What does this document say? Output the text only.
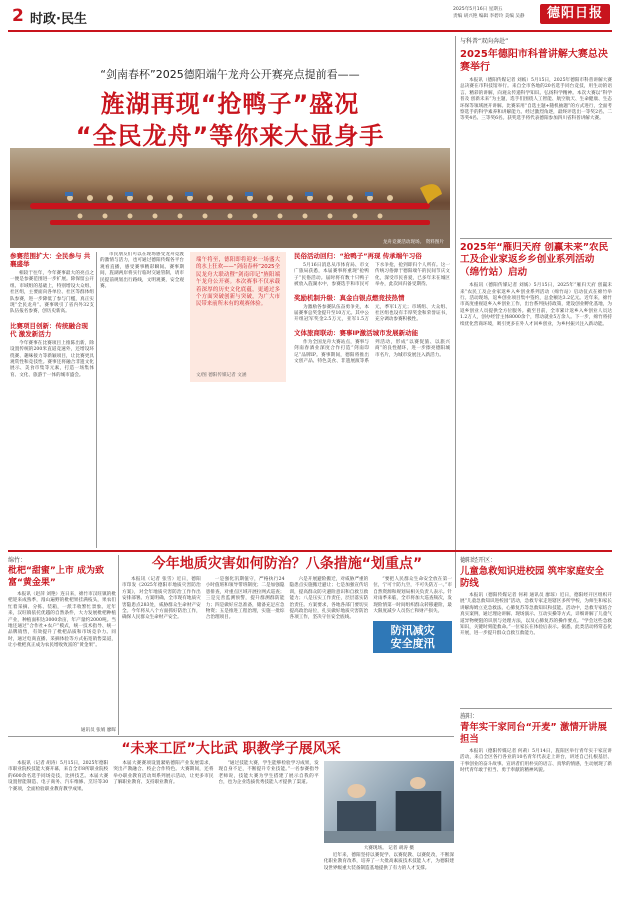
2 时政·民生
2025年5月16日 星期五
责编 胡兴艳 编辑 李碧玲 美编 吴静	德阳日报
“剑南春杯”2025德阳端午龙舟公开赛亮点提前看——
旌湖再现“抢鸭子”盛况
“全民龙舟”等你来大显身手
龙舟竞赛活动现场。 资料图片
参赛范围扩大：全民参与 共襄盛举
相较于往年，今年赛事最大的亮点之一便是参赛范围进一步扩展。除保留公开组、市域组的基础上，特别增设大众组、社区组，主要面向各单位、社区等群体组队参赛，进一步降低了参与门槛，真正实现“全民龙舟”。赛事吸引了省内外32支队伍报名参赛，创历史新高。
比赛项目创新：传统融合现代 激发新活力
今年赛事在比赛项目上推陈出新，除设置传统的200米直道竞速外，还增设环绕赛、趣味接力等新颖项目，让比赛更具观赏性和竞技性。赛事还将融合非遗文化展示、美食市集等元素，打造一场集体育、文化、旅游于一体的城市盛会。
市民朋友们可以在现场感受龙舟竞渡的激情与活力，也可通过德阳传媒各平台观看直播，感受赛事精彩瞬间。赛事期间，旌湖两岸将实行临时交通管制，请市民提前规划出行路线，文明观赛，安全观赛。
端午将至，德阳即将迎来一场盛大的水上狂欢——“剑南春杯”2025全民龙舟大联动暨“剑南印记”旌阳端午龙舟公开赛。本次赛事不仅承载着深厚的历史文化底蕴，更通过多个方面突破创新与突破，为广大市民带来前所未有的观赛体验。
文/图 德阳传媒记者 文涵
民俗活动回归：“抢鸭子”再现 传承端午习俗
5月16日消息从市体育局、市文广旅局获悉，本届赛事将重现“抢鸭子”民俗活动。届时将有数十只鸭子被放入旌湖水中，参赛选手和市民可下水争抢，抢到即归个人所有。这一传统习俗源于德阳端午的民间节庆文化，深受市民喜爱，已多年未在城区举办，此次回归备受期待。
奖励机制升级：真金白银点燃竞技热情
为激励各参赛队伍奋勇争先，本届赛事总奖金提升至10万元。其中公开组冠军奖金2.5万元，亚军1.5万元，季军1万元；市域组、大众组、社区组也设有丰厚奖金和荣誉证书，充分调动参赛积极性。
文体旅商联动：赛事IP激活城市发展新动能
作为全国龙舟大赛站点，赛事与剑南春酒业深度合作打造“剑南印记”品牌IP。赛事期间，德阳将推出文创产品、特色美食、非遗展演等系列活动，形成“以赛促旅、以旅兴商”的良性循环，进一步擦亮德阳城市名片，为城市发展注入新活力。
与科普“双向奔赴”
2025年德阳市科普讲解大赛总决赛举行
本报讯（德阳传媒记者 刘嫣）5月15日，2025年德阳市科普讲解大赛总决赛在市科技馆举行。来自全市各地的20名选手同台竞技，用生动的语言、精彩的讲解，向观众传递科学知识、弘扬科学精神。本次大赛以“科学普及 创新未来”为主题，选手们围绕人工智能、航空航天、生命健康、生态环保等领域展开讲解。比赛采用“自选主题+随机抽题”的方式进行，全面考察选手的科学素养和讲解能力。经过激烈角逐，最终评选出一等奖2名、二等奖4名、三等奖6名。获奖选手将代表德阳参加四川省科普讲解大赛。
2025年“雁归天府 创赢未来”农民工及企业家返乡乡创业系列活动（绵竹站）启动
本报讯（德阳传媒记者 刘嫣）5月15日，2025年“雁归天府 创赢未来”农民工及企业家返乡入乡创业系列活动（绵竹站）启动仪式在绵竹举行。活动现场，返乡创业项目集中签约，总金额达3.2亿元。近年来，绵竹市高度重视返乡入乡创业工作，出台系列扶持政策，建设创业孵化基地，为返乡创业人员提供全方位服务。截至目前，全市累计返乡入乡创业人员达1.2万人，创办经营主体8000余个，带动就业5万余人。下一步，绵竹将持续优化营商环境，吸引更多在外人才回乡创业，为乡村振兴注入新动能。
绵竹：
枇杷“甜蜜”上市 成为致富“黄金果”
本报讯（赵萍 刘艳）连日来，绵竹市汉旺镇的枇杷迎来成熟季，漫山遍野的枇杷果挂满枝头，果农们忙着采摘、分拣、装箱，一派丰收繁忙景象。近年来，汉旺镇依托优越的自然条件，大力发展枇杷种植产业，种植面积达3000余亩，年产量约2000吨。当地还通过“合作社+农户”模式，统一技术指导、统一品牌销售，有效提升了枇杷品质和市场竞争力。同时，通过电商直播、采摘体验等方式拓宽销售渠道，让小枇杷真正成为农民增收致富的“黄金果”。
通讯员 张娟 廖晖
今年地质灾害如何防治？八条措施“划重点”
本报讯（记者 张雪）近日，德阳市印发《2025年德阳市地质灾害防治方案》，对全年地质灾害防治工作作出安排部署。方案明确，全市现有地质灾害隐患点283处，威胁群众生命财产安全。今年将从八个方面抓好防治工作，确保人民群众生命财产安全。
一是强化汛期值守，严格执行24小时值班和领导带班制度；二是加强隐患排查，对重点区域开展拉网式巡查；三是完善监测预警，提升群测群防能力；四是做好应急准备，储备充足应急物资；五是推进工程治理，实施一批综合治理项目。
六是开展避险搬迁，对威胁严重的隐患点实施搬迁避让；七是加强宣传培训，提高群众防灾避险意识和自救互救能力；八是压实工作责任，层层落实防治责任。方案要求，各地各部门要切实提高政治站位，扎实做好地质灾害防治各项工作，坚决守住安全底线。
“要把人民群众生命安全放在第一位，宁可十防九空，不可失防万一。”市自然资源和规划局相关负责人表示。针对雨季来临，全市将加大巡查频次，发现险情第一时间组织群众转移避险，最大限度减少人员伤亡和财产损失。
防汛减灾
安全度汛
德阳经开区：
儿童急救知识进校园 筑牢家庭安全防线
本报讯（德阳传媒记者 何莉 通讯员 廖琼）近日，德阳经开区组织开展“儿童急救知识进校园”活动，急救专家走进辖区多所学校，为师生和家长讲解海姆立克急救法、心肺复苏等急救知识和技能。活动中，急救专家结合真实案例，通过理论讲解、现场演示、互动实操等方式，详细讲解了儿童气道异物梗阻的识别与处理方法，以及心肺复苏的操作要点。“学会这些急救知识，关键时刻能救命。”一位家长在体验后表示。据悉，此类活动将常态化开展，进一步提升群众自救互救能力。
旌阳：
青年实干家同台“开麦” 激情开讲展担当
本报讯（德阳传媒记者 何莉）5月14日，旌阳区举行青年实干家宣讲活动，来自全区各行各业的10名青年代表走上讲台，讲述自己扎根基层、干事创业的奋斗故事。宣讲者们用朴实的语言、真挚的情感，生动展现了新时代青年敢于担当、勇于奉献的精神风貌。
“未来工匠”大比武 职教学子展风采
本报讯（记者 胡涛）5月15日，2025年德阳市职业院校技能大赛开幕，来自全市8所职业院校的600余名选手同场竞技，比拼技艺。本届大赛设置智能制造、电子商务、汽车维修、烹饪等30个赛项，全面检验职业教育教学成果。
本届大赛赛项设置紧贴德阳产业发展需求，突出产教融合、校企合作特色。大赛期间，还将举办职业教育活动周系列展示活动，让更多市民了解职业教育、支持职业教育。
“通过技能大赛，学生能够检验学习成果，发现自身不足，不断提升专业技能。”一名参赛指导老师说，技能大赛为学生搭建了展示自我的平台，也为企业选拔优秀技能人才提供了渠道。
大赛现场。 记者 胡涛 摄
近年来，德阳坚持以赛促学、以赛促教、以赛促改，不断深化职业教育改革，培养了一大批高素质技术技能人才，为德阳建设世界级重大装备制造基地提供了有力的人才支撑。
